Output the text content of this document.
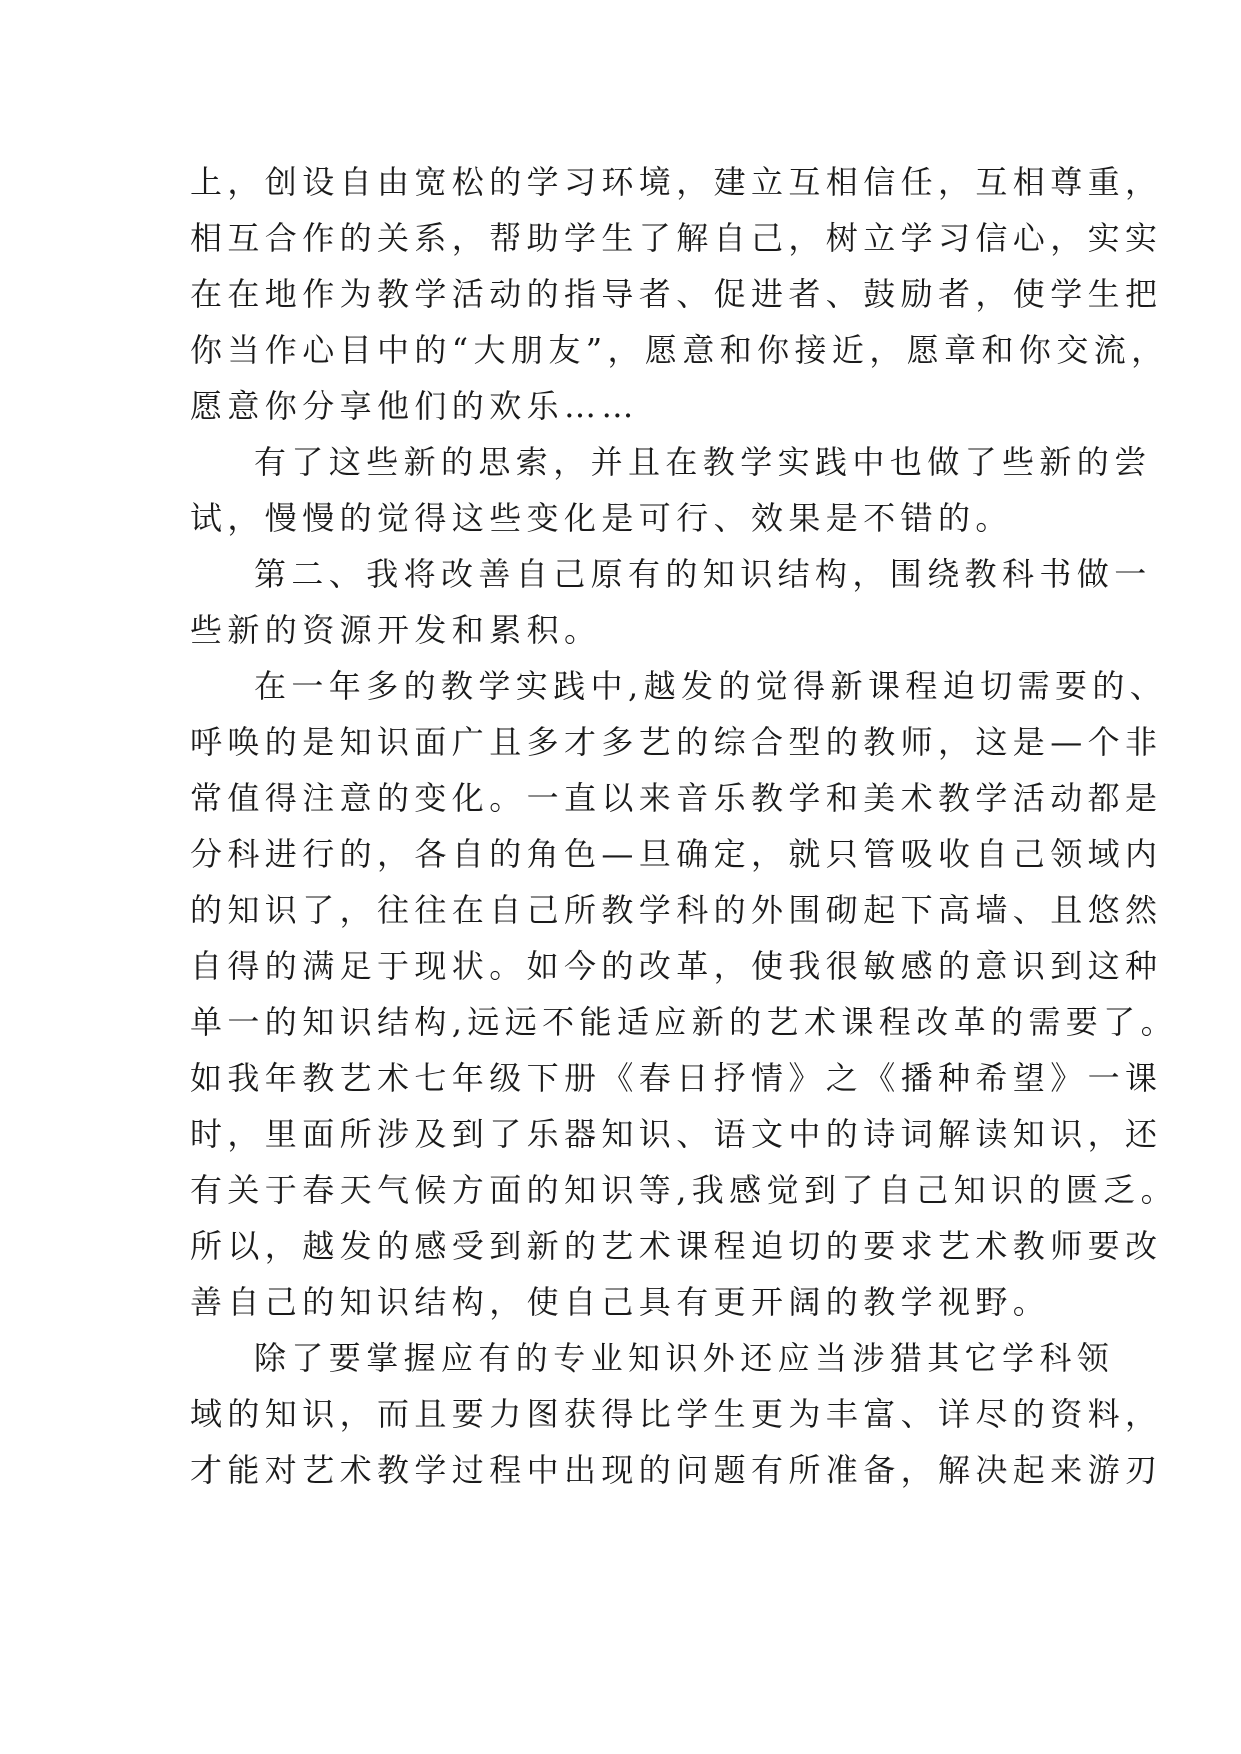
上，创设自由宽松的学习环境，建立互相信任，互相尊重，
相互合作的关系，帮助学生了解自己，树立学习信心，实实
在在地作为教学活动的指导者、促进者、鼓励者，使学生把
你当作心目中的“大朋友”，愿意和你接近，愿章和你交流，
愿意你分享他们的欢乐……
有了这些新的思索，并且在教学实践中也做了些新的尝
试，慢慢的觉得这些变化是可行、效果是不错的。
第二、我将改善自己原有的知识结构，围绕教科书做一
些新的资源开发和累积。
在一年多的教学实践中,越发的觉得新课程迫切需要的、
呼唤的是知识面广且多才多艺的综合型的教师，这是—个非
常值得注意的变化。一直以来音乐教学和美术教学活动都是
分科进行的，各自的角色—旦确定，就只管吸收自己领域内
的知识了，往往在自己所教学科的外围砌起下高墙、且悠然
自得的满足于现状。如今的改革，使我很敏感的意识到这种
单一的知识结构,远远不能适应新的艺术课程改革的需要了。
如我年教艺术七年级下册《春日抒情》之《播种希望》一课
时，里面所涉及到了乐器知识、语文中的诗词解读知识，还
有关于春天气候方面的知识等,我感觉到了自己知识的匮乏。
所以，越发的感受到新的艺术课程迫切的要求艺术教师要改
善自己的知识结构，使自己具有更开阔的教学视野。
除了要掌握应有的专业知识外还应当涉猎其它学科领
域的知识，而且要力图获得比学生更为丰富、详尽的资料，
才能对艺术教学过程中出现的问题有所准备，解决起来游刃
